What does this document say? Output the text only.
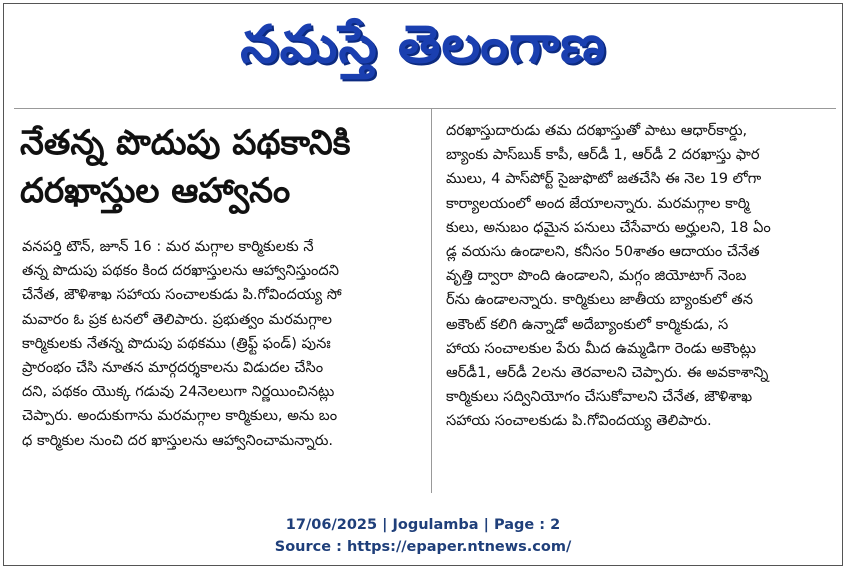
నమస్తే తెలంగాణ
నేతన్న పొదుపు పథకానికి
దరఖాస్తుల ఆహ్వానం
వనపర్తి టౌన్, జూన్ 16 : మర మగ్గాల కార్మికులకు నే
తన్న పొదుపు పథకం కింద దరఖాస్తులను ఆహ్వానిస్తుందని
చేనేత, జౌళిశాఖ సహాయ సంచాలకుడు పి.గోవిందయ్య సో
మవారం ఓ ప్రక టనలో తెలిపారు. ప్రభుత్వం మరమగ్గాల
కార్మికులకు నేతన్న పొదుపు పథకము (త్రిఫ్ట్ ఫండ్) పునః
ప్రారంభం చేసి నూతన మార్గదర్శకాలను విడుదల చేసిం
దని, పథకం యొక్క గడువు 24నెలలుగా నిర్ణయించినట్లు
చెప్పారు. అందుకుగాను మరమగ్గాల కార్మికులు, అను బం
ధ కార్మికుల నుంచి దర ఖాస్తులను ఆహ్వానించామన్నారు.
దరఖాస్తుదారుడు తమ దరఖాస్తుతో పాటు ఆధార్‌కార్డు,
బ్యాంకు పాస్‌బుక్ కాపీ, ఆర్‌డీ 1, ఆర్‌డీ 2 దరఖాస్తు ఫార
ములు, 4 పాస్‌పోర్ట్ సైజుఫొటో జతచేసి ఈ నెల 19 లోగా
కార్యాలయంలో అంద జేయాలన్నారు. మరమగ్గాల కార్మి
కులు, అనుబం ధమైన పనులు చేసేవారు అర్హులని, 18 ఏం
డ్ల వయసు ఉండాలని, కనీసం 50శాతం ఆదాయం చేనేత
వృత్తి ద్వారా పొంది ఉండాలని, మగ్గం జియోటాగ్ నెంబ
ర్‌ను ఉండాలన్నారు. కార్మికులు జాతీయ బ్యాంకులో తన
అకౌంట్ కలిగి ఉన్నాడో అదేబ్యాంకులో కార్మికుడు, స
హాయ సంచాలకుల పేరు మీద ఉమ్మడిగా రెండు అకౌంట్లు
ఆర్‌డీ1, ఆర్‌డీ 2లను తెరవాలని చెప్పారు. ఈ అవకాశాన్ని
కార్మికులు సద్వినియోగం చేసుకోవాలని చేనేత, జౌళిశాఖ
సహాయ సంచాలకుడు పి.గోవిందయ్య తెలిపారు.
17/06/2025 | Jogulamba | Page : 2
Source : https://epaper.ntnews.com/
